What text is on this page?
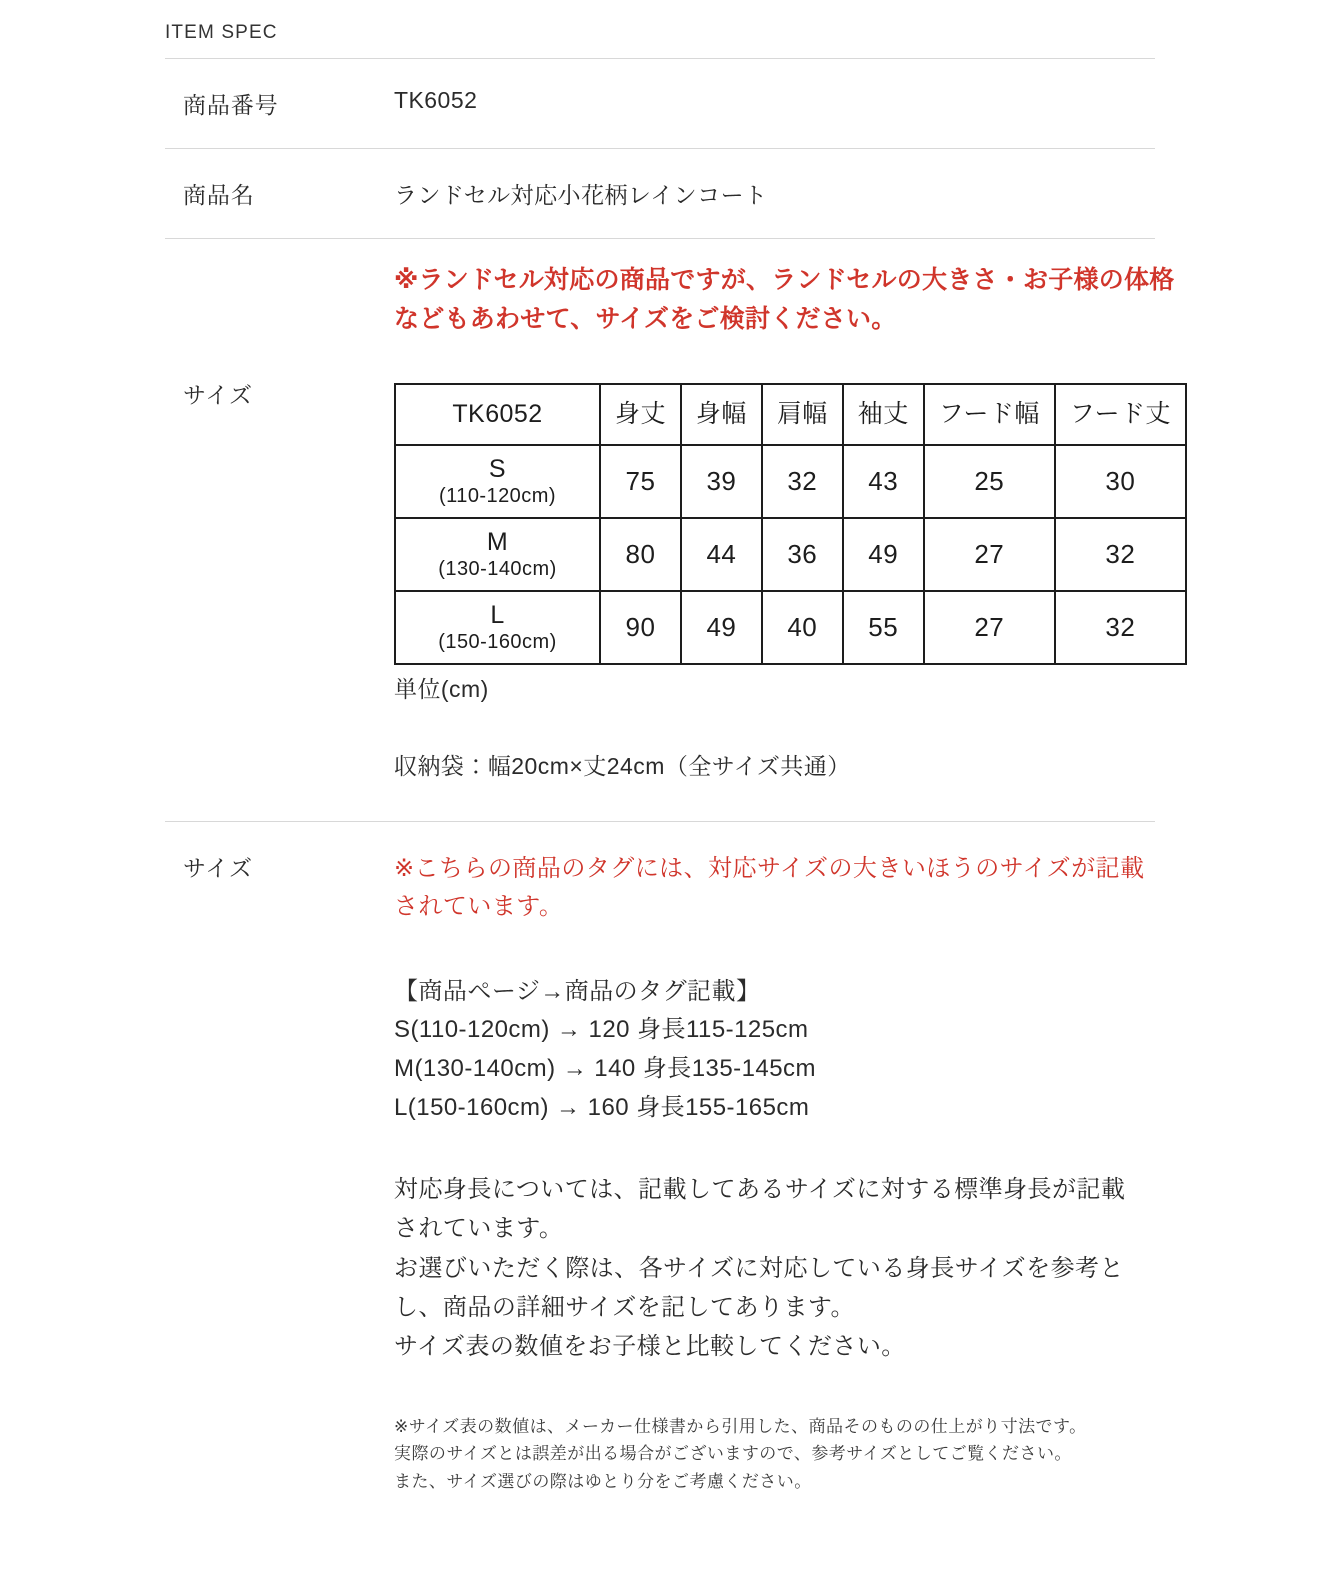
ITEM SPEC
商品番号	TK6052
商品名	ランドセル対応小花柄レインコート
サイズ

※ランドセル対応の商品ですが、ランドセルの大きさ・お子様の体格などもあわせて、サイズをご検討ください。

TK6052	身丈	身幅	肩幅	袖丈	フード幅	フード丈

S
(110-120cm)	75	39	32	43	25	30

M
(130-140cm)	80	44	36	49	27	32

L
(150-160cm)	90	49	40	55	27	32
単位(cm)
収納袋：幅20cm×丈24cm（全サイズ共通）
サイズ	※こちらの商品のタグには、対応サイズの大きいほうのサイズが記載されています。

【商品ページ→商品のタグ記載】
S(110-120cm) → 120 身長115-125cm
M(130-140cm) → 140 身長135-145cm
L(150-160cm) → 160 身長155-165cm
対応身長については、記載してあるサイズに対する標準身長が記載されています。
お選びいただく際は、各サイズに対応している身長サイズを参考とし、商品の詳細サイズを記してあります。
サイズ表の数値をお子様と比較してください。
※サイズ表の数値は、メーカー仕様書から引用した、商品そのものの仕上がり寸法です。
実際のサイズとは誤差が出る場合がございますので、参考サイズとしてご覧ください。
また、サイズ選びの際はゆとり分をご考慮ください。
